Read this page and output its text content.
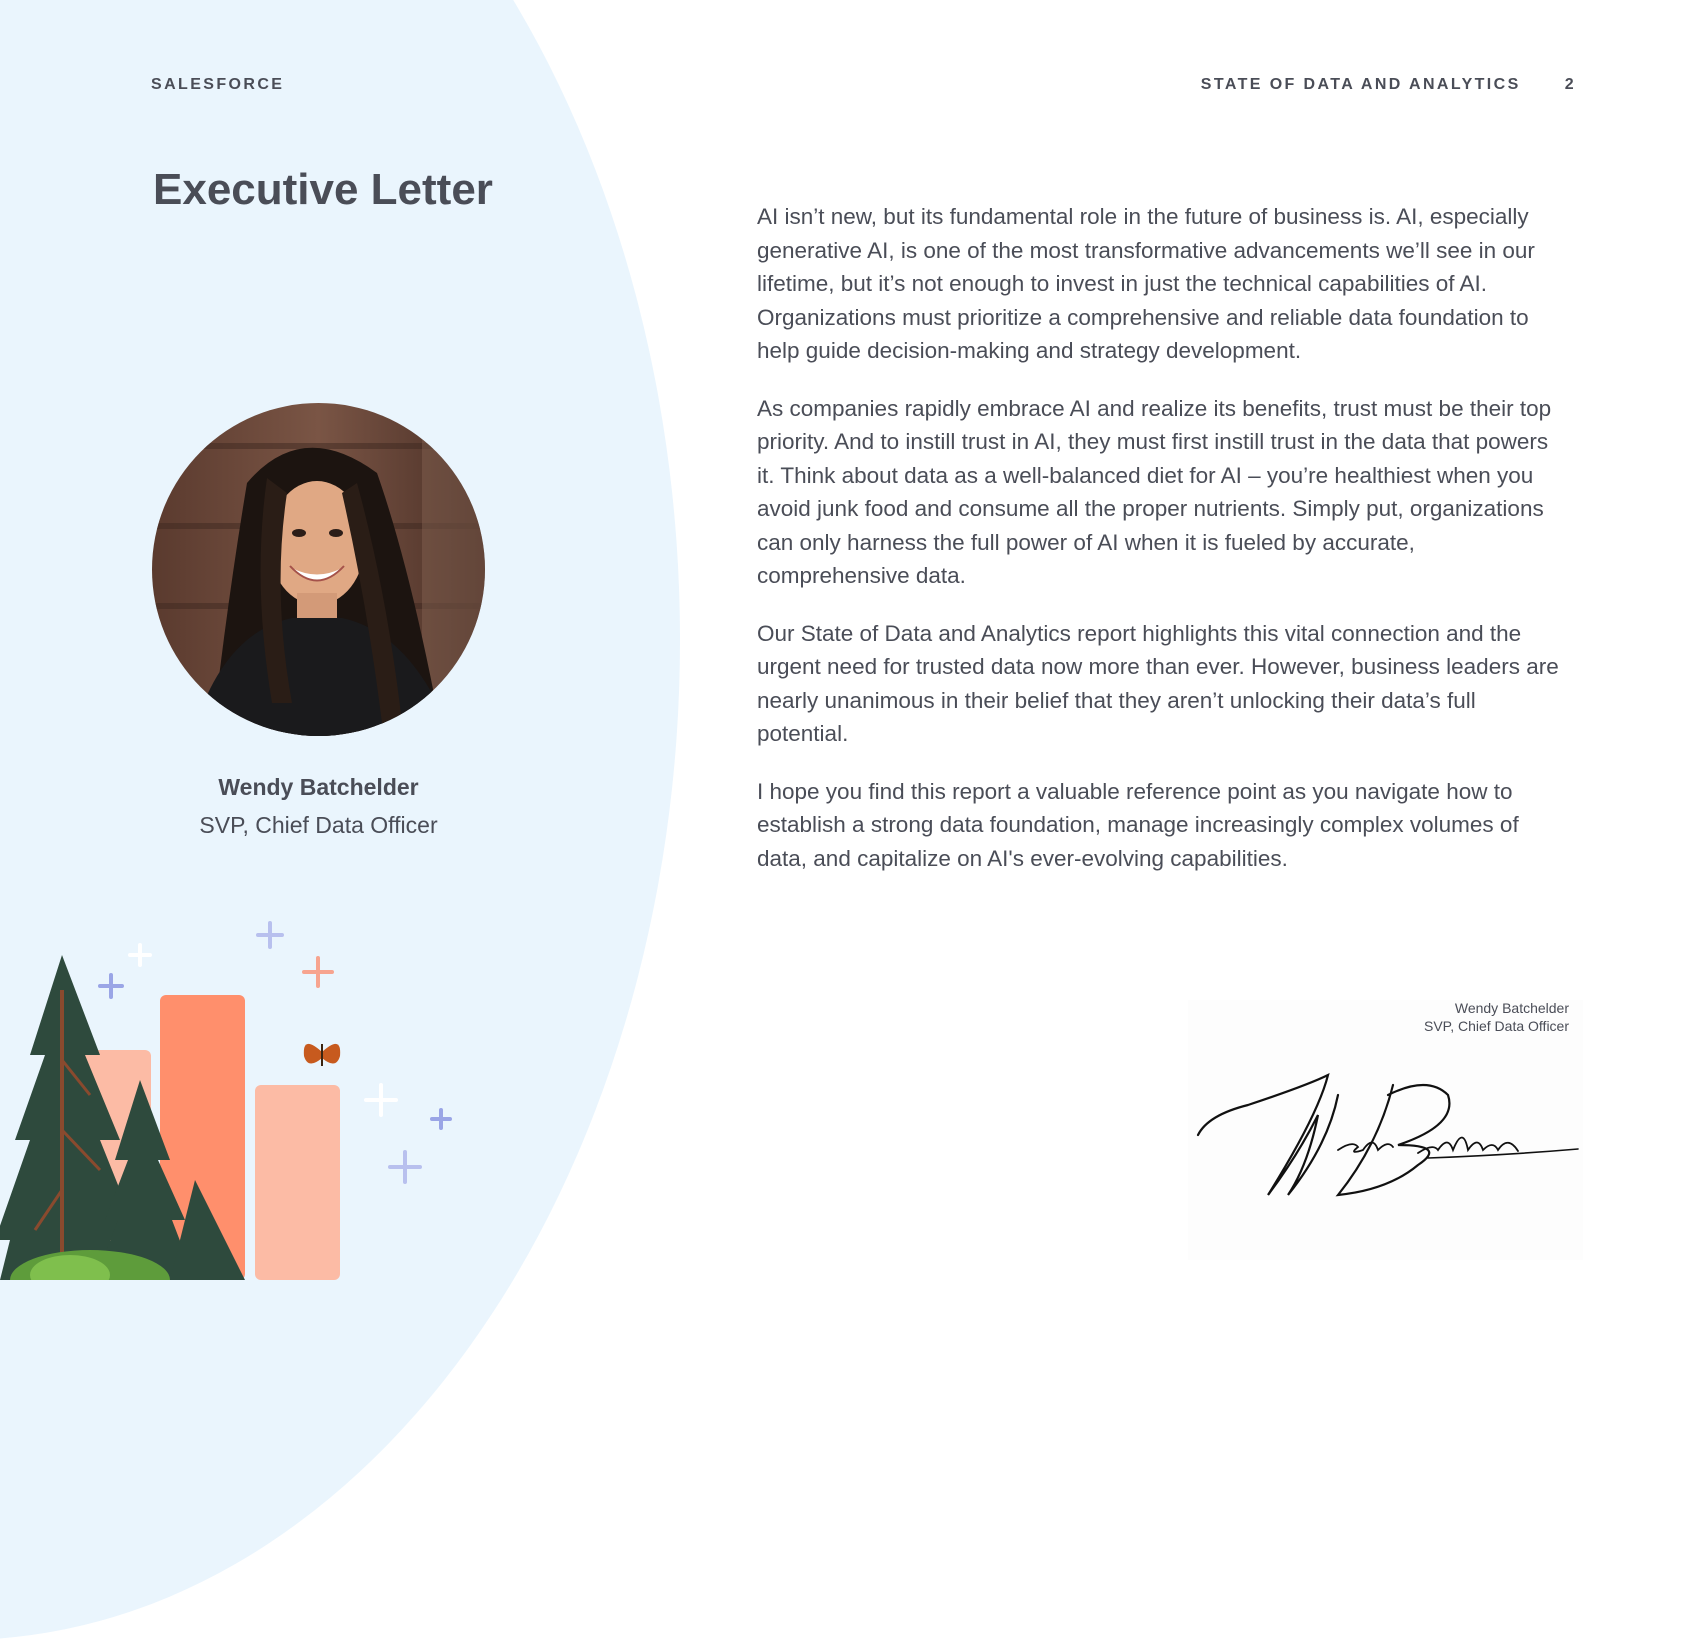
SALESFORCE	STATE OF DATA AND ANALYTICS	2
Executive Letter
Wendy Batchelder
SVP, Chief Data Officer

AI isn’t new, but its fundamental role in the future of business is. AI, especially generative AI, is one of the most transformative advancements we’ll see in our lifetime, but it’s not enough to invest in just the technical capabilities of AI. Organizations must prioritize a comprehensive and reliable data foundation to help guide decision-making and strategy development.

As companies rapidly embrace AI and realize its benefits, trust must be their top priority. And to instill trust in AI, they must first instill trust in the data that powers it. Think about data as a well-balanced diet for AI – you’re healthiest when you avoid junk food and consume all the proper nutrients. Simply put, organizations can only harness the full power of AI when it is fueled by accurate, comprehensive data.

Our State of Data and Analytics report highlights this vital connection and the urgent need for trusted data now more than ever. However, business leaders are nearly unanimous in their belief that they aren’t unlocking their data’s full potential.

I hope you find this report a valuable reference point as you navigate how to establish a strong data foundation, manage increasingly complex volumes of data, and capitalize on AI's ever-evolving capabilities.

Wendy Batchelder
SVP, Chief Data Officer
